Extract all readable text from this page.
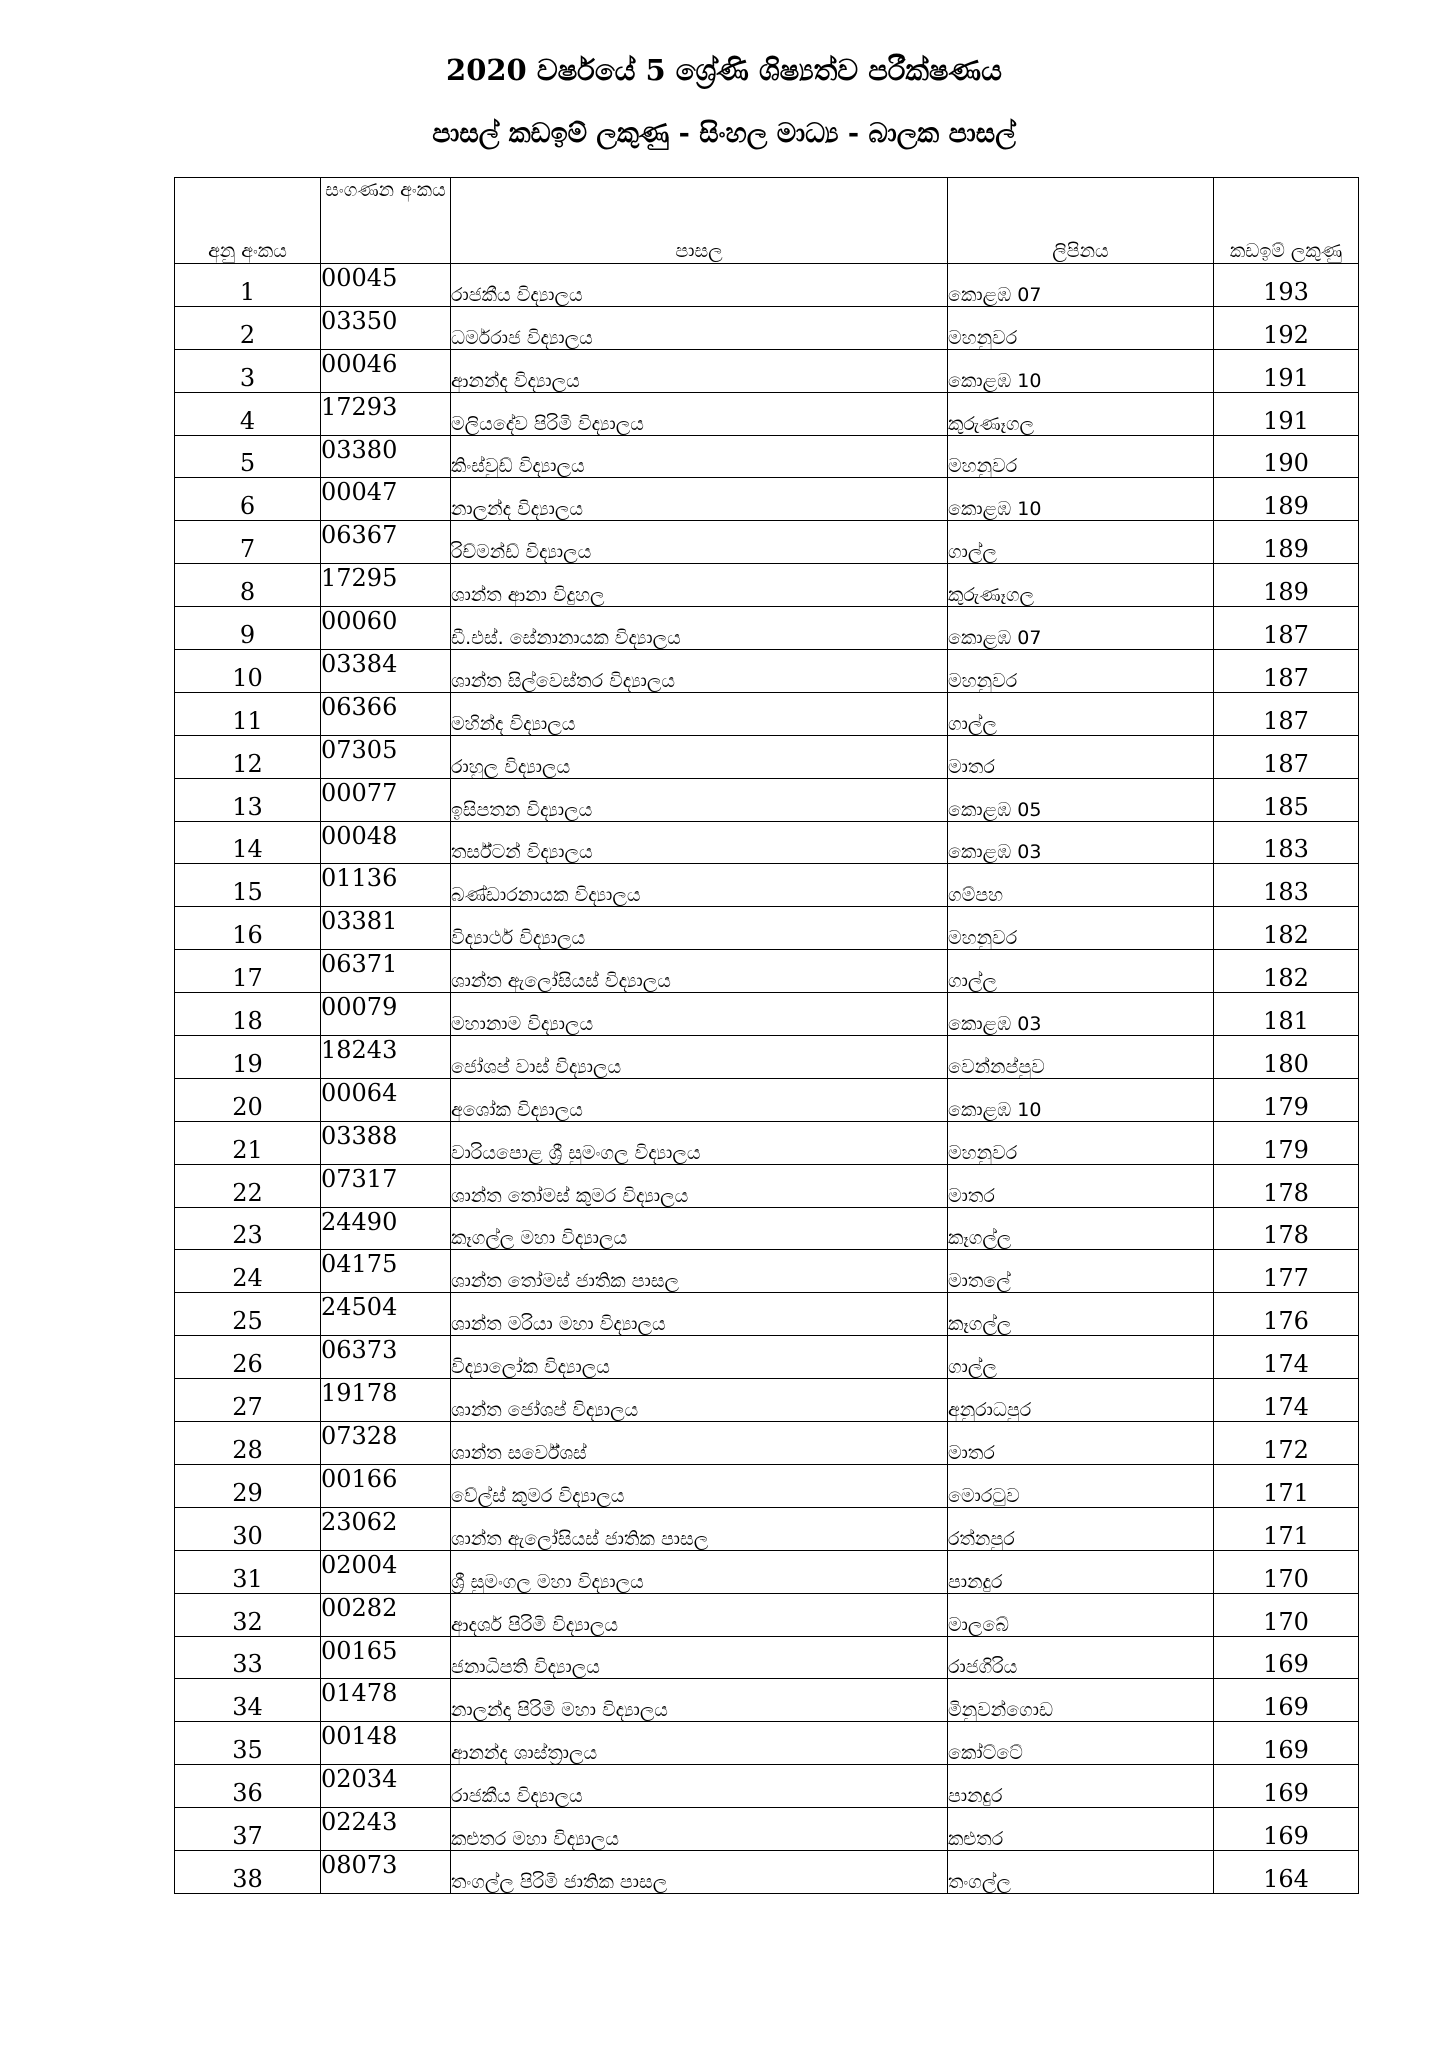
2020 වර්ෂයේ 5 ශ්‍රේණි ශිෂ්‍යත්ව පරීක්ෂණය
පාසල් කඩඉම් ලකුණු - සිංහල මාධ්‍ය - බාලක පාසල්
අනු අංකය	සංගණන අංකය	පාසල	ලිපිනය	කඩඉම් ලකුණු
1	00045	රාජකීය විද්‍යාලය	කොළඹ 07	193
2	03350	ධර්මරාජ විද්‍යාලය	මහනුවර	192
3	00046	ආනන්ද විද්‍යාලය	කොළඹ 10	191
4	17293	මලියදේව පිරිමි විද්‍යාලය	කුරුණෑගල	191
5	03380	කිංස්වුඩ් විද්‍යාලය	මහනුවර	190
6	00047	නාලන්ද විද්‍යාලය	කොළඹ 10	189
7	06367	රිච්මන්ඩ් විද්‍යාලය	ගාල්ල	189
8	17295	ශාන්ත ආනා විදුහල	කුරුණෑගල	189
9	00060	ඩී.එස්. සේනානායක විද්‍යාලය	කොළඹ 07	187
10	03384	ශාන්ත සිල්වෙස්තර විද්‍යාලය	මහනුවර	187
11	06366	මහින්ද විද්‍යාලය	ගාල්ල	187
12	07305	රාහුල විද්‍යාලය	මාතර	187
13	00077	ඉසිපතන විද්‍යාලය	කොළඹ 05	185
14	00048	තර්ස්ටන් විද්‍යාලය	කොළඹ 03	183
15	01136	බණ්ඩාරනායක විද්‍යාලය	ගම්පහ	183
16	03381	විද්‍යාර්ථ විද්‍යාලය	මහනුවර	182
17	06371	ශාන්ත ඇලෝසියස් විද්‍යාලය	ගාල්ල	182
18	00079	මහානාම විද්‍යාලය	කොළඹ 03	181
19	18243	ජෝශප් වාස් විද්‍යාලය	වෙන්නප්පුව	180
20	00064	අශෝක විද්‍යාලය	කොළඹ 10	179
21	03388	වාරියපොළ ශ්‍රී සුමංගල විද්‍යාලය	මහනුවර	179
22	07317	ශාන්ත තෝමස් කුමර විද්‍යාලය	මාතර	178
23	24490	කෑගල්ල මහා විද්‍යාලය	කෑගල්ල	178
24	04175	ශාන්ත තෝමස් ජාතික පාසල	මාතලේ	177
25	24504	ශාන්ත මරියා මහා විද්‍යාලය	කෑගල්ල	176
26	06373	විද්‍යාලෝක විද්‍යාලය	ගාල්ල	174
27	19178	ශාන්ත ජෝශප් විද්‍යාලය	අනුරාධපුර	174
28	07328	ශාන්ත සර්වේශස්	මාතර	172
29	00166	වේල්ස් කුමර විද්‍යාලය	මොරටුව	171
30	23062	ශාන්ත ඇලෝසියස් ජාතික පාසල	රත්නපුර	171
31	02004	ශ්‍රී සුමංගල මහා විද්‍යාලය	පානදුර	170
32	00282	ආදර්ශ පිරිමි විද්‍යාලය	මාලබේ	170
33	00165	ජනාධිපති විද්‍යාලය	රාජගිරිය	169
34	01478	නාලන්දා පිරිමි මහා විද්‍යාලය	මිනුවන්ගොඩ	169
35	00148	ආනන්ද ශාස්ත්‍රාලය	කෝට්ටේ	169
36	02034	රාජකීය විද්‍යාලය	පානදුර	169
37	02243	කළුතර මහා විද්‍යාලය	කළුතර	169
38	08073	තංගල්ල පිරිමි ජාතික පාසල	තංගල්ල	164
